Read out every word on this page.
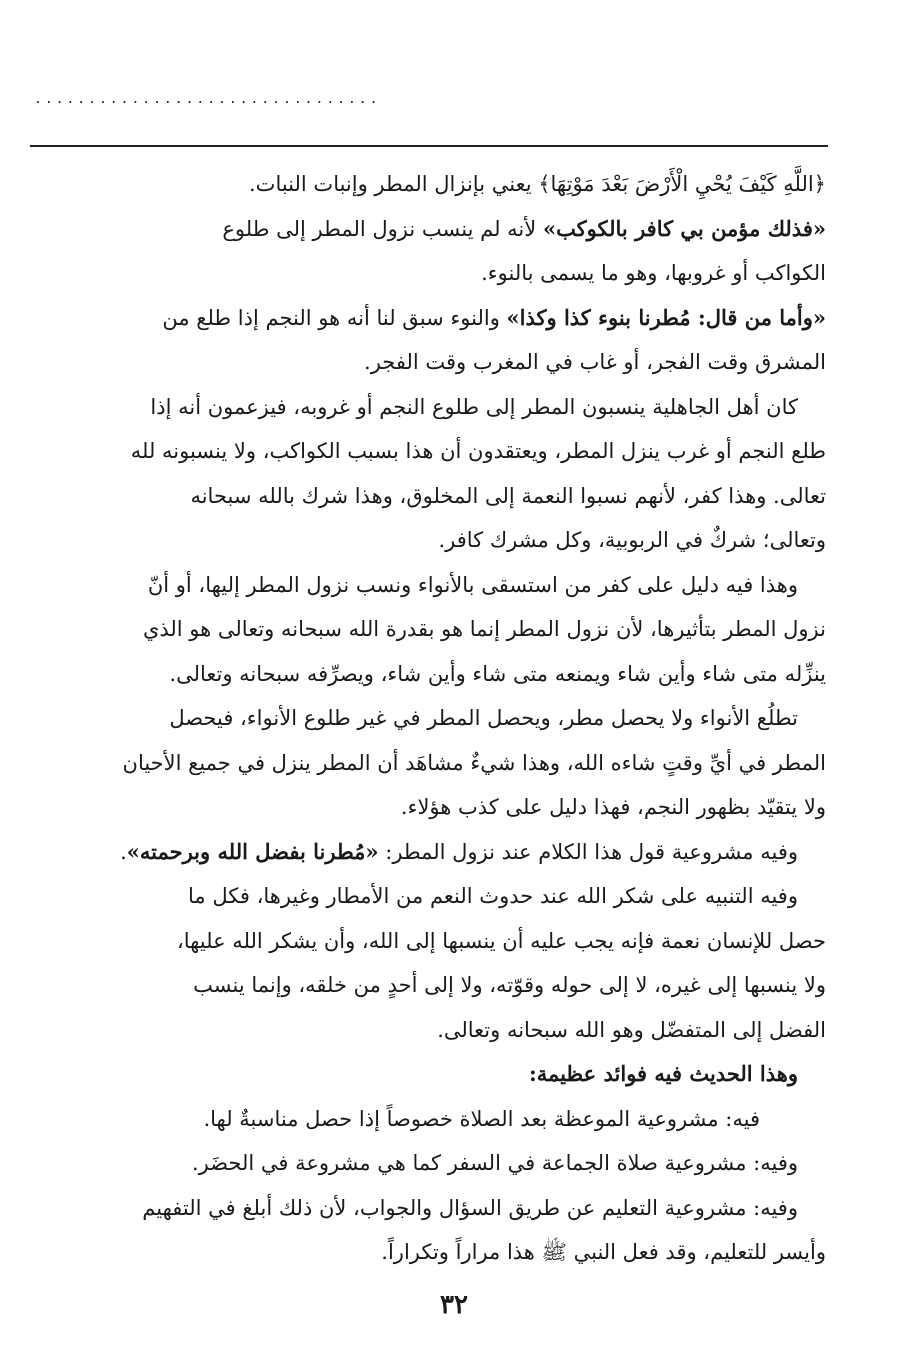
................................
﴿اللَّهِ كَيْفَ يُحْيِ الْأَرْضَ بَعْدَ مَوْتِهَا﴾ يعني بإنزال المطر وإنبات النبات.
«فذلك مؤمن بي كافر بالكوكب» لأنه لم ينسب نزول المطر إلى طلوع
الكواكب أو غروبها، وهو ما يسمى بالنوء.
«وأما من قال: مُطرنا بنوء كذا وكذا» والنوء سبق لنا أنه هو النجم إذا طلع من
المشرق وقت الفجر، أو غاب في المغرب وقت الفجر.
كان أهل الجاهلية ينسبون المطر إلى طلوع النجم أو غروبه، فيزعمون أنه إذا
طلع النجم أو غرب ينزل المطر، ويعتقدون أن هذا بسبب الكواكب، ولا ينسبونه لله
تعالى. وهذا كفر، لأنهم نسبوا النعمة إلى المخلوق، وهذا شرك بالله سبحانه
وتعالى؛ شركٌ في الربوبية، وكل مشرك كافر.
وهذا فيه دليل على كفر من استسقى بالأنواء ونسب نزول المطر إليها، أو أنّ
نزول المطر بتأثيرها، لأن نزول المطر إنما هو بقدرة الله سبحانه وتعالى هو الذي
ينزِّله متى شاء وأين شاء ويمنعه متى شاء وأين شاء، ويصرِّفه سبحانه وتعالى.
تطلُع الأنواء ولا يحصل مطر، ويحصل المطر في غير طلوع الأنواء، فيحصل
المطر في أيِّ وقتٍ شاءه الله، وهذا شيءٌ مشاهَد أن المطر ينزل في جميع الأحيان
ولا يتقيّد بظهور النجم، فهذا دليل على كذب هؤلاء.
وفيه مشروعية قول هذا الكلام عند نزول المطر: «مُطرنا بفضل الله وبرحمته».
وفيه التنبيه على شكر الله عند حدوث النعم من الأمطار وغيرها، فكل ما
حصل للإنسان نعمة فإنه يجب عليه أن ينسبها إلى الله، وأن يشكر الله عليها،
ولا ينسبها إلى غيره، لا إلى حوله وقوّته، ولا إلى أحدٍ من خلقه، وإنما ينسب
الفضل إلى المتفضّل وهو الله سبحانه وتعالى.
وهذا الحديث فيه فوائد عظيمة:
فيه: مشروعية الموعظة بعد الصلاة خصوصاً إذا حصل مناسبةٌ لها.
وفيه: مشروعية صلاة الجماعة في السفر كما هي مشروعة في الحضَر.
وفيه: مشروعية التعليم عن طريق السؤال والجواب، لأن ذلك أبلغ في التفهيم
وأيسر للتعليم، وقد فعل النبي ﷺ هذا مراراً وتكراراً.
٣٢
